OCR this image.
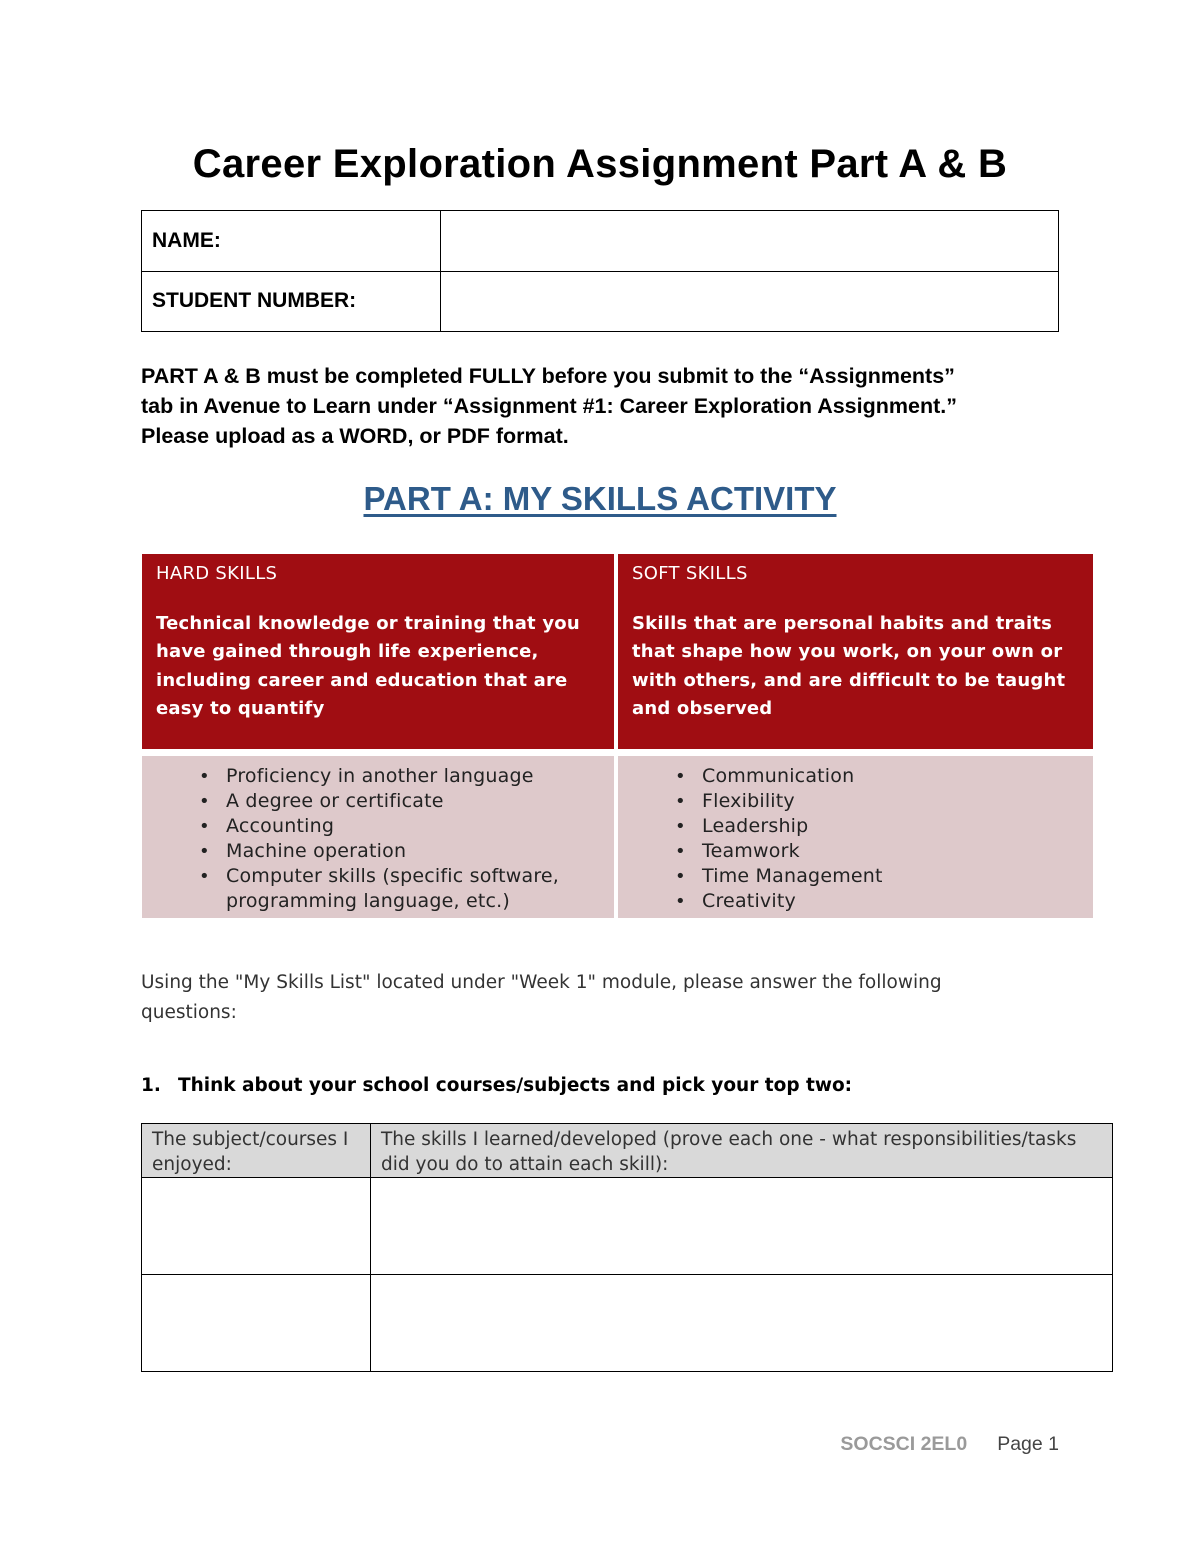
Career Exploration Assignment Part A & B
NAME:	
STUDENT NUMBER:	

PART A & B must be completed FULLY before you submit to the “Assignments”

tab in Avenue to Learn under “Assignment #1: Career Exploration Assignment.”

Please upload as a WORD, or PDF format.

PART A: MY SKILLS ACTIVITY
HARD SKILLS
Technical knowledge or training that you have gained through life experience, including career and education that are easy to quantify
SOFT SKILLS
Skills that are personal habits and traits that shape how you work, on your own or with others, and are difficult to be taught and observed
• Proficiency in another language
• A degree or certificate
• Accounting
• Machine operation
• Computer skills (specific software, programming language, etc.)
• Communication
• Flexibility
• Leadership
• Teamwork
• Time Management
• Creativity
Using the "My Skills List" located under "Week 1" module, please answer the following questions:
1. Think about your school courses/subjects and pick your top two:
The subject/courses I enjoyed:	The skills I learned/developed (prove each one - what responsibilities/tasks did you do to attain each skill):

SOCSCI 2EL0 Page 1
